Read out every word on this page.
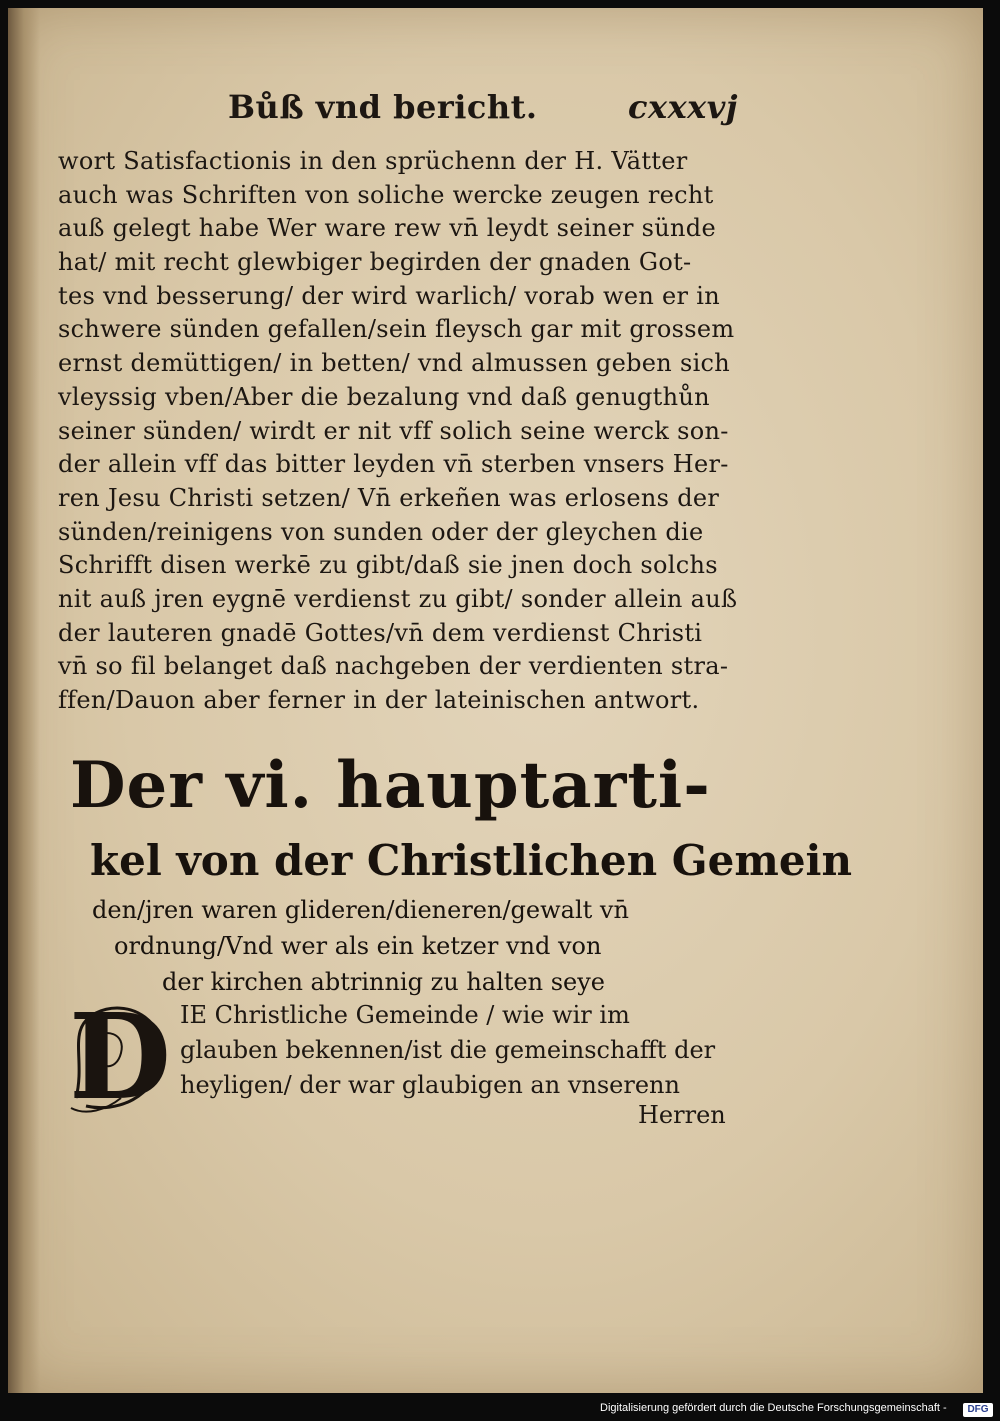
Bůß vnd bericht.	cxxxvj
wort Satisfactionis in den sprüchenn der H. Vätter
auch was Schriften von soliche wercke zeugen recht
auß gelegt habe Wer ware rew vn̄ leydt seiner sünde
hat/ mit recht glewbiger begirden der gnaden Got-
tes vnd besserung/ der wird warlich/ vorab wen er in
schwere sünden gefallen/sein fleysch gar mit grossem
ernst demüttigen/ in betten/ vnd almussen geben sich
vleyssig vben/Aber die bezalung vnd daß genugthůn
seiner sünden/ wirdt er nit vff solich seine werck son-
der allein vff das bitter leyden vn̄ sterben vnsers Her-
ren Jesu Christi setzen/ Vn̄ erkeñen was erlosens der
sünden/reinigens von sunden oder der gleychen die
Schrifft disen werkē zu gibt/daß sie jnen doch solchs
nit auß jren eygnē verdienst zu gibt/ sonder allein auß
der lauteren gnadē Gottes/vn̄ dem verdienst Christi
vn̄ so fil belanget daß nachgeben der verdienten stra-
ffen/Dauon aber ferner in der lateinischen antwort.
Der vi. hauptarti-
kel von der Christlichen Gemein
den/jren waren glideren/dieneren/gewalt vn̄
ordnung/Vnd wer als ein ketzer vnd von
der kirchen abtrinnig zu halten seye
D IE Christliche Gemeinde / wie wir im
glauben bekennen/ist die gemeinschafft der
heyligen/ der war glaubigen an vnserenn
Herren
Digitalisierung gefördert durch die Deutsche Forschungsgemeinschaft -	DFG
